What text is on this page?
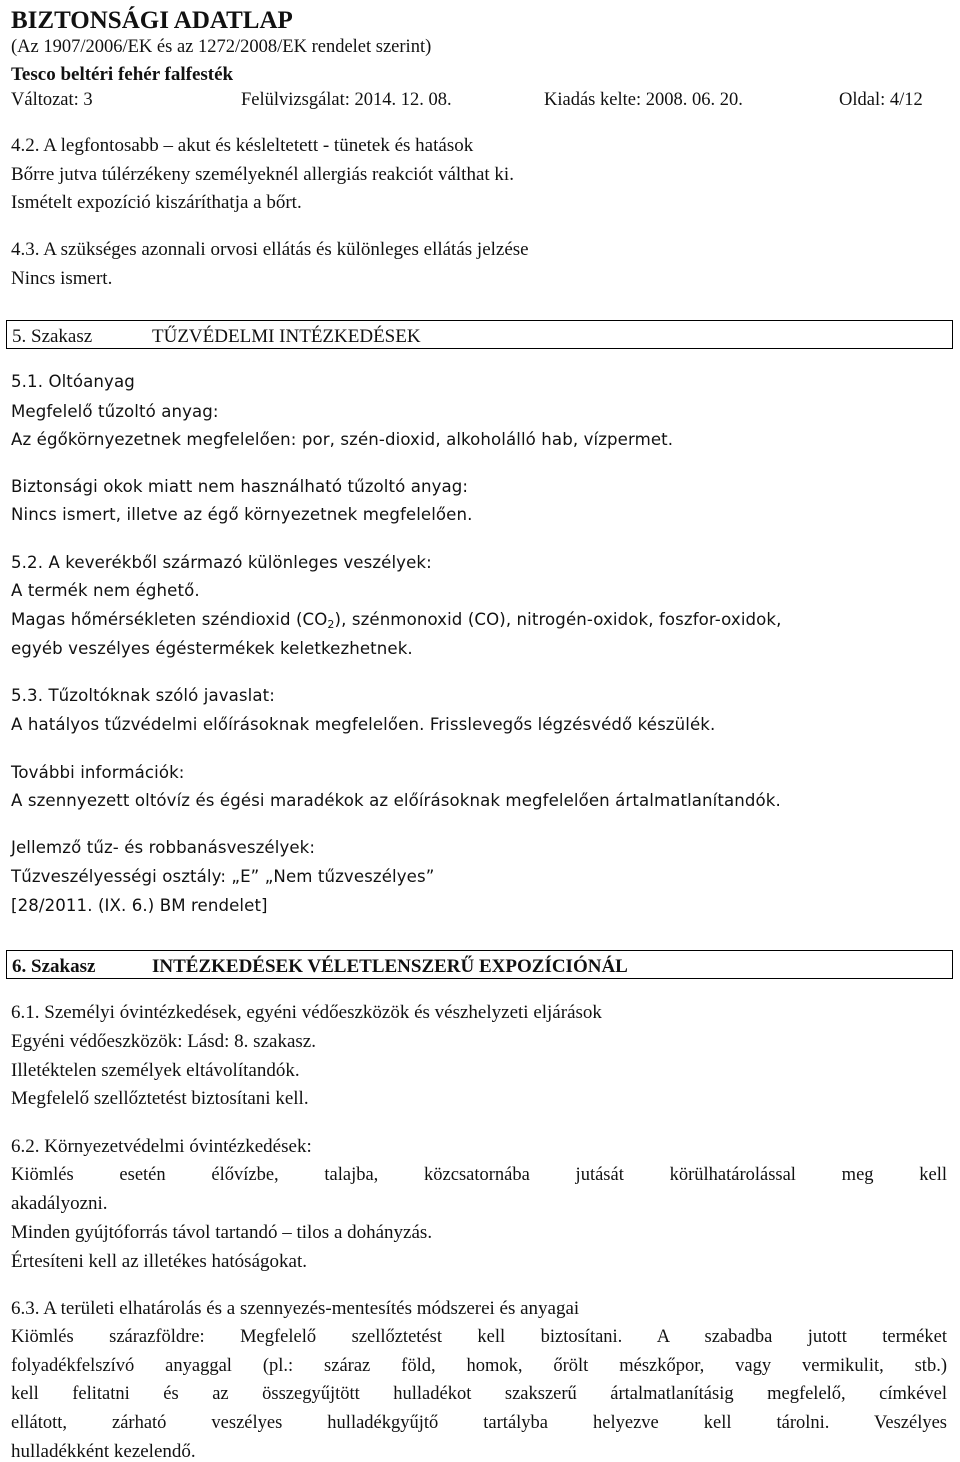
BIZTONSÁGI ADATLAP
(Az 1907/2006/EK és az 1272/2008/EK rendelet szerint)
Tesco beltéri fehér falfesték
Változat: 3	Felülvizsgálat: 2014. 12. 08.	Kiadás kelte: 2008. 06. 20.	Oldal: 4/12
4.2. A legfontosabb – akut és késleltetett - tünetek és hatások
Bőrre jutva túlérzékeny személyeknél allergiás reakciót válthat ki.
Ismételt expozíció kiszáríthatja a bőrt.
4.3. A szükséges azonnali orvosi ellátás és különleges ellátás jelzése
Nincs ismert.
5. Szakasz	TŰZVÉDELMI INTÉZKEDÉSEK
5.1. Oltóanyag
Megfelelő tűzoltó anyag:
Az égőkörnyezetnek megfelelően: por, szén-dioxid, alkoholálló hab, vízpermet.
Biztonsági okok miatt nem használható tűzoltó anyag:
Nincs ismert, illetve az égő környezetnek megfelelően.
5.2. A keverékből származó különleges veszélyek:
A termék nem éghető.
Magas hőmérsékleten széndioxid $(CO_2)$, szénmonoxid (CO), nitrogén-oxidok, foszfor-oxidok,
egyéb veszélyes égéstermékek keletkezhetnek.
5.3. Tűzoltóknak szóló javaslat:
A hatályos tűzvédelmi előírásoknak megfelelően. Frisslevegős légzésvédő készülék.
További információk:
A szennyezett oltóvíz és égési maradékok az előírásoknak megfelelően ártalmatlanítandók.
Jellemző tűz- és robbanásveszélyek:
Tűzveszélyességi osztály: „E” „Nem tűzveszélyes”
[28/2011. (IX. 6.) BM rendelet]
6. Szakasz	INTÉZKEDÉSEK VÉLETLENSZERŰ EXPOZÍCIÓNÁL
6.1. Személyi óvintézkedések, egyéni védőeszközök és vészhelyzeti eljárások
Egyéni védőeszközök: Lásd: 8. szakasz.
Illetéktelen személyek eltávolítandók.
Megfelelő szellőztetést biztosítani kell.
6.2. Környezetvédelmi óvintézkedések:
Kiömlés esetén élővízbe, talajba, közcsatornába jutását körülhatárolással meg kell
akadályozni.
Minden gyújtóforrás távol tartandó – tilos a dohányzás.
Értesíteni kell az illetékes hatóságokat.
6.3. A területi elhatárolás és a szennyezés-mentesítés módszerei és anyagai
Kiömlés szárazföldre: Megfelelő szellőztetést kell biztosítani. A szabadba jutott terméket
folyadékfelszívó anyaggal (pl.: száraz föld, homok, őrölt mészkőpor, vagy vermikulit, stb.)
kell felitatni és az összegyűjtött hulladékot szakszerű ártalmatlanításig megfelelő, címkével
ellátott, zárható veszélyes hulladékgyűjtő tartályba helyezve kell tárolni. Veszélyes
hulladékként kezelendő.
